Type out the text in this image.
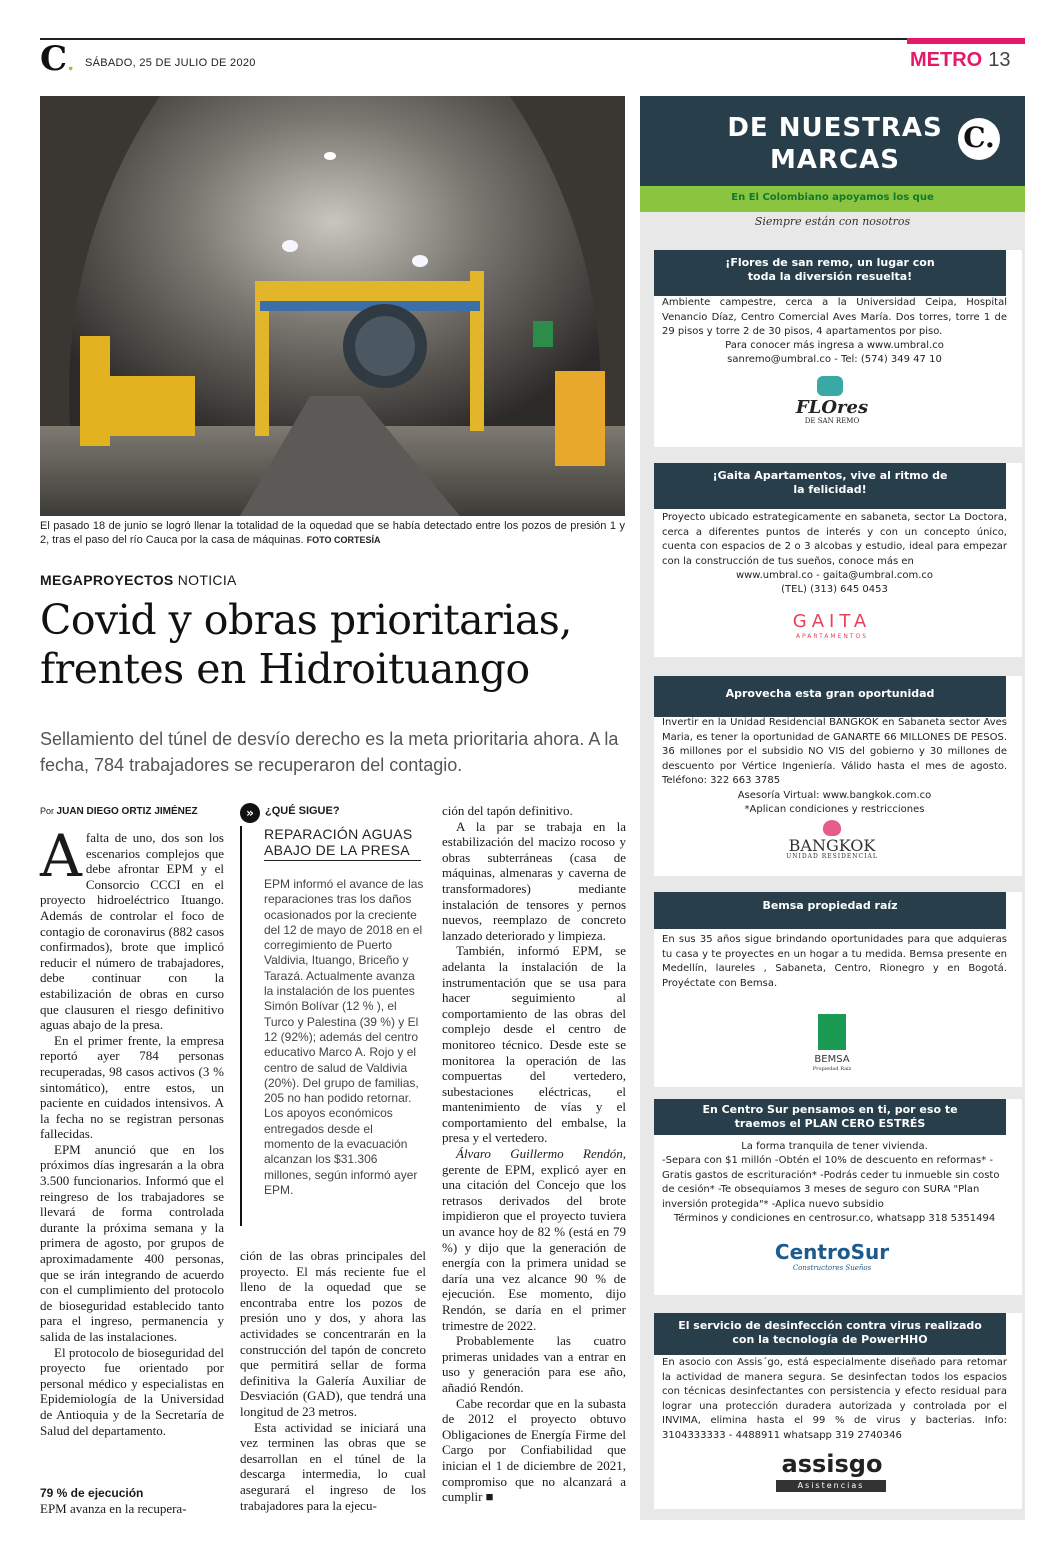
C. SÁBADO, 25 DE JULIO DE 2020	METRO 13
El pasado 18 de junio se logró llenar la totalidad de la oquedad que se había detectado entre los pozos de presión 1 y 2, tras el paso del río Cauca por la casa de máquinas. FOTO CORTESÍA
MEGAPROYECTOS NOTICIA
Covid y obras prioritarias, frentes en Hidroituango
Sellamiento del túnel de desvío derecho es la meta prioritaria ahora. A la fecha, 784 trabajadores se recuperaron del contagio.
Por JUAN DIEGO ORTIZ JIMÉNEZ

Afalta de uno, dos son los escenarios complejos que debe afrontar EPM y el Consorcio CCCI en el proyecto hidroeléctrico Ituango. Además de controlar el foco de contagio de coronavirus (882 casos confirmados), brote que implicó reducir el número de trabajadores, debe continuar con la estabilización de obras en curso que clausuren el riesgo definitivo aguas abajo de la presa.

En el primer frente, la empresa reportó ayer 784 personas recuperadas, 98 casos activos (3 % sintomático), entre estos, un paciente en cuidados intensivos. A la fecha no se registran personas fallecidas.

EPM anunció que en los próximos días ingresarán a la obra 3.500 funcionarios. Informó que el reingreso de los trabajadores se llevará de forma controlada durante la próxima semana y la primera de agosto, por grupos de aproximadamente 400 personas, que se irán integrando de acuerdo con el cumplimiento del protocolo de bioseguridad establecido tanto para el ingreso, permanencia y salida de las instalaciones.

El protocolo de bioseguridad del proyecto fue orientado por personal médico y especialistas en Epidemiología de la Universidad de Antioquia y de la Secretaría de Salud del departamento.

79 % de ejecución

EPM avanza en la recupera-

»	¿QUÉ SIGUE?
REPARACIÓN AGUAS ABAJO DE LA PRESA
EPM informó el avance de las reparaciones tras los daños ocasionados por la creciente del 12 de mayo de 2018 en el corregimiento de Puerto Valdivia, Ituango, Briceño y Tarazá. Actualmente avanza la instalación de los puentes Simón Bolívar (12 % ), el Turco y Palestina (39 %) y El 12 (92%); además del centro educativo Marco A. Rojo y el centro de salud de Valdivia (20%). Del grupo de familias, 205 no han podido retornar. Los apoyos económicos entregados desde el momento de la evacuación alcanzan los $31.306 millones, según informó ayer EPM.

ción de las obras principales del proyecto. El más reciente fue el lleno de la oquedad que se encontraba entre los pozos de presión uno y dos, y ahora las actividades se concentrarán en la construcción del tapón de concreto que permitirá sellar de forma definitiva la Galería Auxiliar de Desviación (GAD), que tendrá una longitud de 23 metros.

Esta actividad se iniciará una vez terminen las obras que se desarrollan en el túnel de la descarga intermedia, lo cual asegurará el ingreso de los trabajadores para la ejecu-

ción del tapón definitivo.

A la par se trabaja en la estabilización del macizo rocoso y obras subterráneas (casa de máquinas, almenaras y caverna de transformadores) mediante instalación de tensores y pernos nuevos, reemplazo de concreto lanzado deteriorado y limpieza.

También, informó EPM, se adelanta la instalación de la instrumentación que se usa para hacer seguimiento al comportamiento de las obras del complejo desde el centro de monitoreo técnico. Desde este se monitorea la operación de las compuertas del vertedero, subestaciones eléctricas, el mantenimiento de vías y el comportamiento del embalse, la presa y el vertedero.

Álvaro Guillermo Rendón, gerente de EPM, explicó ayer en una citación del Concejo que los retrasos derivados del brote impidieron que el proyecto tuviera un avance hoy de 82 % (está en 79 %) y dijo que la generación de energía con la primera unidad se daría una vez alcance 90 % de ejecución. Ese momento, dijo Rendón, se daría en el primer trimestre de 2022.

Probablemente las cuatro primeras unidades van a entrar en uso y generación para ese año, añadió Rendón.

Cabe recordar que en la subasta de 2012 el proyecto obtuvo Obligaciones de Energía Firme del Cargo por Confiabilidad que inician el 1 de diciembre de 2021, compromiso que no alcanzará a cumplir ■

DE NUESTRAS MARCAS
C.
En El Colombiano apoyamos los que
Siempre están con nosotros
¡Flores de san remo, un lugar con toda la diversión resuelta!
Ambiente campestre, cerca a la Universidad Ceipa, Hospital Venancio Díaz, Centro Comercial Aves María. Dos torres, torre 1 de 29 pisos y torre 2 de 30 pisos, 4 apartamentos por piso.
Para conocer más ingresa a www.umbral.co
sanremo@umbral.co - Tel: (574) 349 47 10
FLOres
DE SAN REMO
¡Gaita Apartamentos, vive al ritmo de la felicidad!
Proyecto ubicado estrategicamente en sabaneta, sector La Doctora, cerca a diferentes puntos de interés y con un concepto único, cuenta con espacios de 2 o 3 alcobas y estudio, ideal para empezar con la construcción de tus sueños, conoce más en
www.umbral.co - gaita@umbral.com.co
(TEL) (313) 645 0453
GAITA
APARTAMENTOS
Aprovecha esta gran oportunidad
Invertir en la Unidad Residencial BANGKOK en Sabaneta sector Aves Maria, es tener la oportunidad de GANARTE 66 MILLONES DE PESOS. 36 millones por el subsidio NO VIS del gobierno y 30 millones de descuento por Vértice Ingeniería. Válido hasta el mes de agosto. Teléfono: 322 663 3785
Asesoría Virtual: www.bangkok.com.co
*Aplican condiciones y restricciones
BANGKOK
UNIDAD RESIDENCIAL
Bemsa propiedad raíz
En sus 35 años sigue brindando oportunidades para que adquieras tu casa y te proyectes en un hogar a tu medida. Bemsa presente en Medellín, laureles , Sabaneta, Centro, Rionegro y en Bogotá. Proyéctate con Bemsa.
BEMSA
Propiedad Raíz
En Centro Sur pensamos en ti, por eso te traemos el PLAN CERO ESTRÉS
La forma tranquila de tener vivienda.
-Separa con $1 millón -Obtén el 10% de descuento en reformas* -Gratis gastos de escrituración* -Podrás ceder tu inmueble sin costo de cesión* -Te obsequiamos 3 meses de seguro con SURA "Plan inversión protegida"* -Aplica nuevo subsidio
Términos y condiciones en centrosur.co, whatsapp 318 5351494
CentroSur
Constructores Sueños
El servicio de desinfección contra virus realizado con la tecnología de PowerHHO
En asocio con Assis´go, está especialmente diseñado para retomar la actividad de manera segura. Se desinfectan todos los espacios con técnicas desinfectantes con persistencia y efecto residual para lograr una protección duradera autorizada y controlada por el INVIMA, elimina hasta el 99 % de virus y bacterias. Info: 3104333333 - 4488911 whatsapp 319 2740346
assisgo
Asistencias
